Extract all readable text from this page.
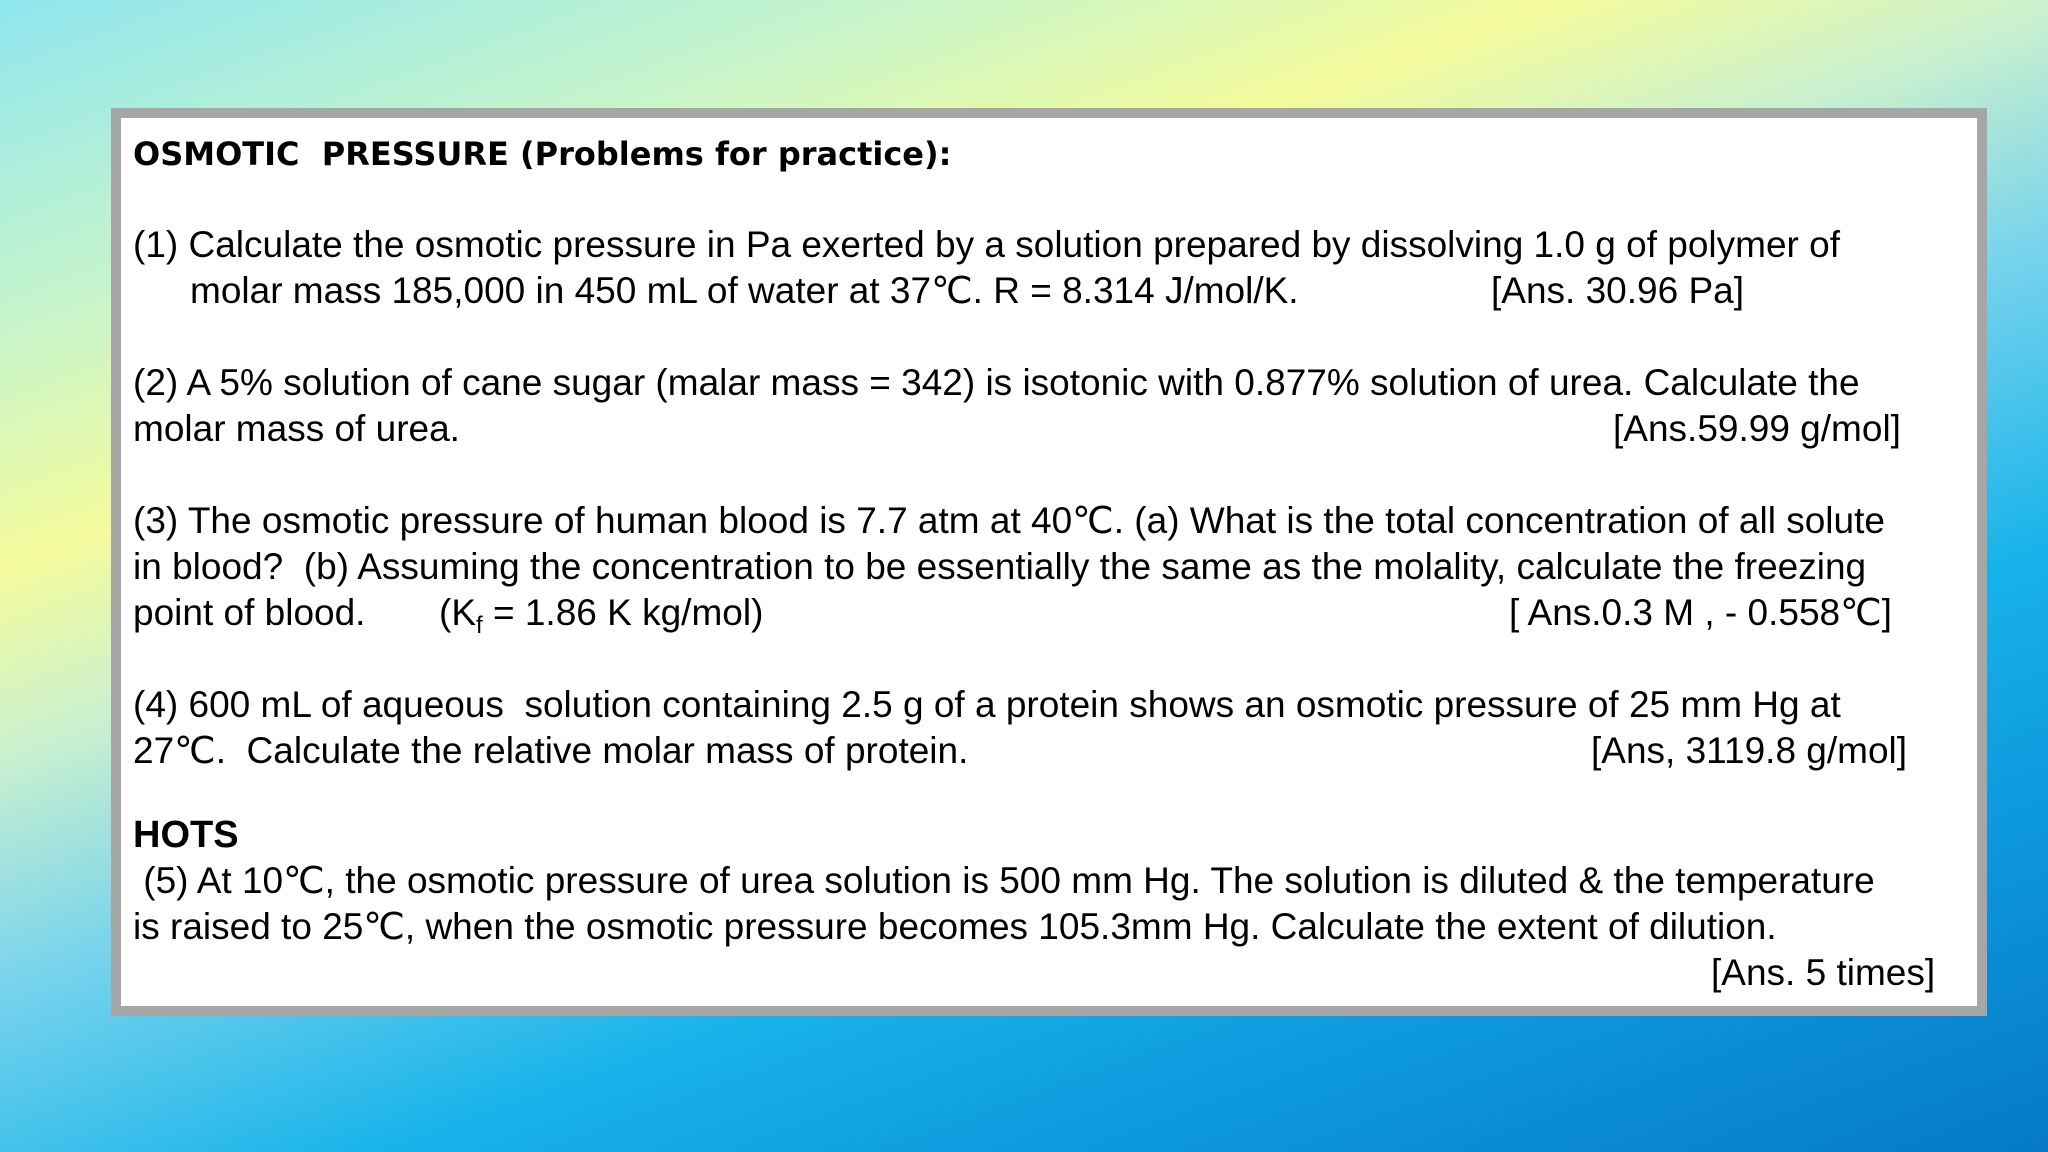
OSMOTIC  PRESSURE (Problems for practice):
(1) Calculate the osmotic pressure in Pa exerted by a solution prepared by dissolving 1.0 g of polymer of
molar mass 185,000 in 450 mL of water at 37℃. R = 8.314 J/mol/K.	[Ans. 30.96 Pa]
(2) A 5% solution of cane sugar (malar mass = 342) is isotonic with 0.877% solution of urea. Calculate the
molar mass of urea.	[Ans.59.99 g/mol]
(3) The osmotic pressure of human blood is 7.7 atm at 40℃. (a) What is the total concentration of all solute
in blood?  (b) Assuming the concentration to be essentially the same as the molality, calculate the freezing
point of blood. ($K_f = 1.86$ K kg/mol)	[ Ans.0.3 M , - 0.558℃]
(4) 600 mL of aqueous  solution containing 2.5 g of a protein shows an osmotic pressure of 25 mm Hg at
27℃.  Calculate the relative molar mass of protein.	[Ans, 3119.8 g/mol]
HOTS
(5) At 10℃, the osmotic pressure of urea solution is 500 mm Hg. The solution is diluted & the temperature
is raised to 25℃, when the osmotic pressure becomes 105.3mm Hg. Calculate the extent of dilution.
[Ans. 5 times]
